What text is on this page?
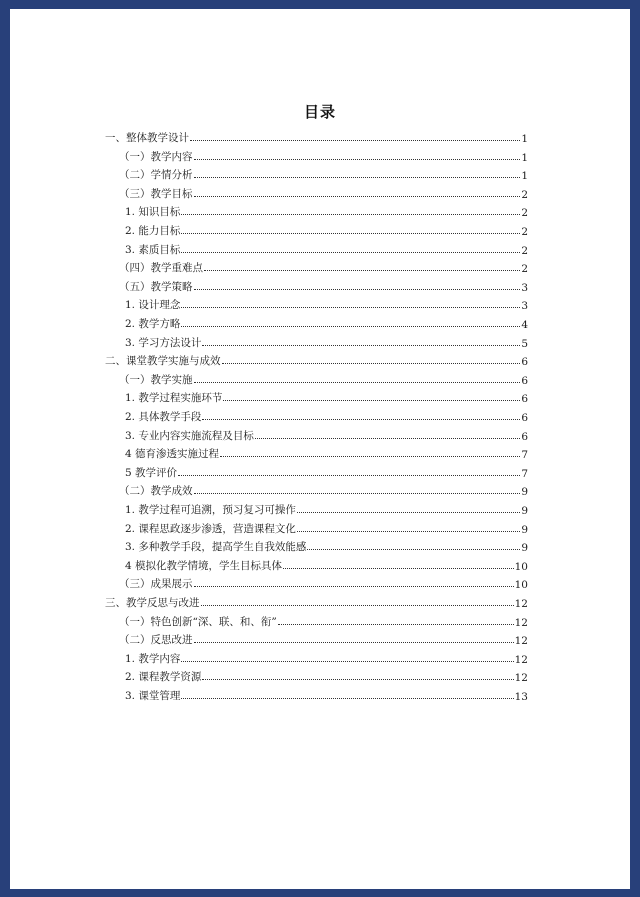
目录
一、整体教学设计	1
（一）教学内容	1
（二）学情分析	1
（三）教学目标	2
1. 知识目标	2
2. 能力目标	2
3. 素质目标	2
（四）教学重难点	2
（五）教学策略	3
1. 设计理念	3
2. 教学方略	4
3. 学习方法设计	5
二、课堂教学实施与成效	6
（一）教学实施	6
1. 教学过程实施环节	6
2. 具体教学手段	6
3. 专业内容实施流程及目标	6
4 德育渗透实施过程	7
5 教学评价	7
（二）教学成效	9
1. 教学过程可追溯，预习复习可操作	9
2. 课程思政逐步渗透，营造课程文化	9
3. 多种教学手段，提高学生自我效能感	9
4 模拟化教学情境，学生目标具体	10
（三）成果展示	10
三、教学反思与改进	12
（一）特色创新“深、联、和、衔”	12
（二）反思改进	12
1. 教学内容	12
2. 课程教学资源	12
3. 课堂管理	13
